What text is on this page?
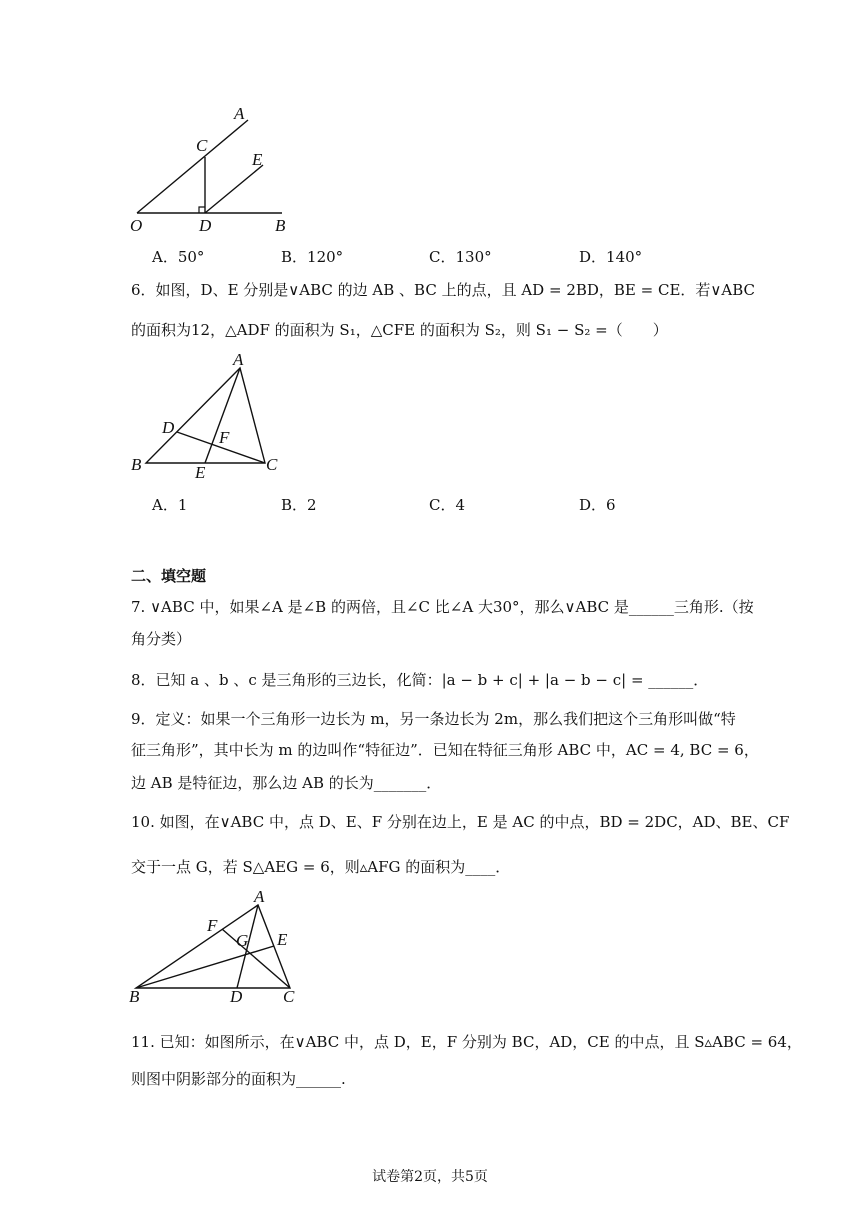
A
C
E
O	D	B
A．50°	B．120°	C．130°	D．140°
6．如图，D、E 分别是∨ABC 的边 AB 、BC 上的点，且 AD = 2BD，BE = CE．若∨ABC
的面积为12，△ADF 的面积为 S₁，△CFE 的面积为 S₂，则 S₁ − S₂ =（　　）
A
D
F
B	E	C
A．1	B．2	C．4	D．6
二、填空题
7. ∨ABC 中，如果∠A 是∠B 的两倍，且∠C 比∠A 大30°，那么∨ABC 是______三角形.（按
角分类）
8．已知 a 、b 、c 是三角形的三边长，化简：|a − b + c| + |a − b − c| = ______．
9．定义：如果一个三角形一边长为 m，另一条边长为 2m，那么我们把这个三角形叫做“特
征三角形”，其中长为 m 的边叫作“特征边”．已知在特征三角形 ABC 中，AC = 4, BC = 6，
边 AB 是特征边，那么边 AB 的长为_______．
10. 如图，在∨ABC 中，点 D、E、F 分别在边上，E 是 AC 的中点，BD = 2DC，AD、BE、CF
交于一点 G，若 S△AEG = 6，则▵AFG 的面积为____．
A
F
G E
B	D C
11. 已知：如图所示，在∨ABC 中，点 D，E，F 分别为 BC，AD，CE 的中点，且 S▵ABC = 64，
则图中阴影部分的面积为______.
试卷第2页，共5页
